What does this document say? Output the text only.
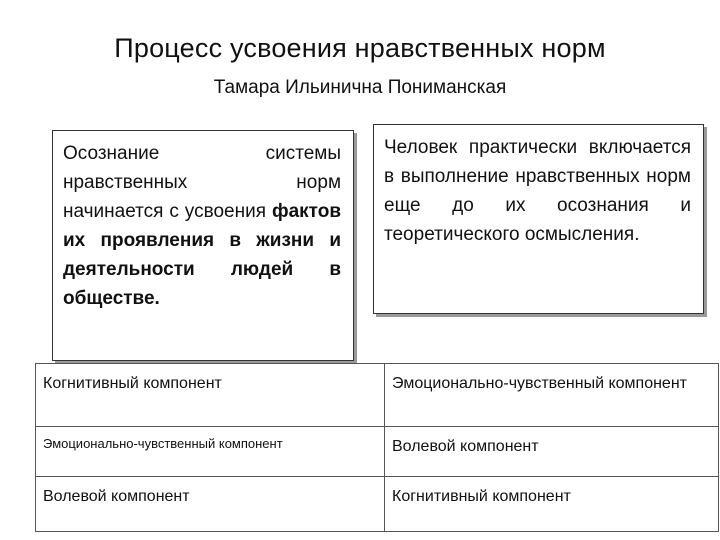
Процесс усвоения нравственных норм
Тамара Ильинична Пониманская
Осознание системы нравственных норм начинается с усвоения фактов их проявления в жизни и деятельности людей в обществе.
Человек практически включается в выполнение нравственных норм еще до их осознания и теоретического осмысления.
Когнитивный компонент	Эмоционально-чувственный компонент
Эмоционально-чувственный компонент	Волевой компонент
Волевой компонент	Когнитивный компонент
